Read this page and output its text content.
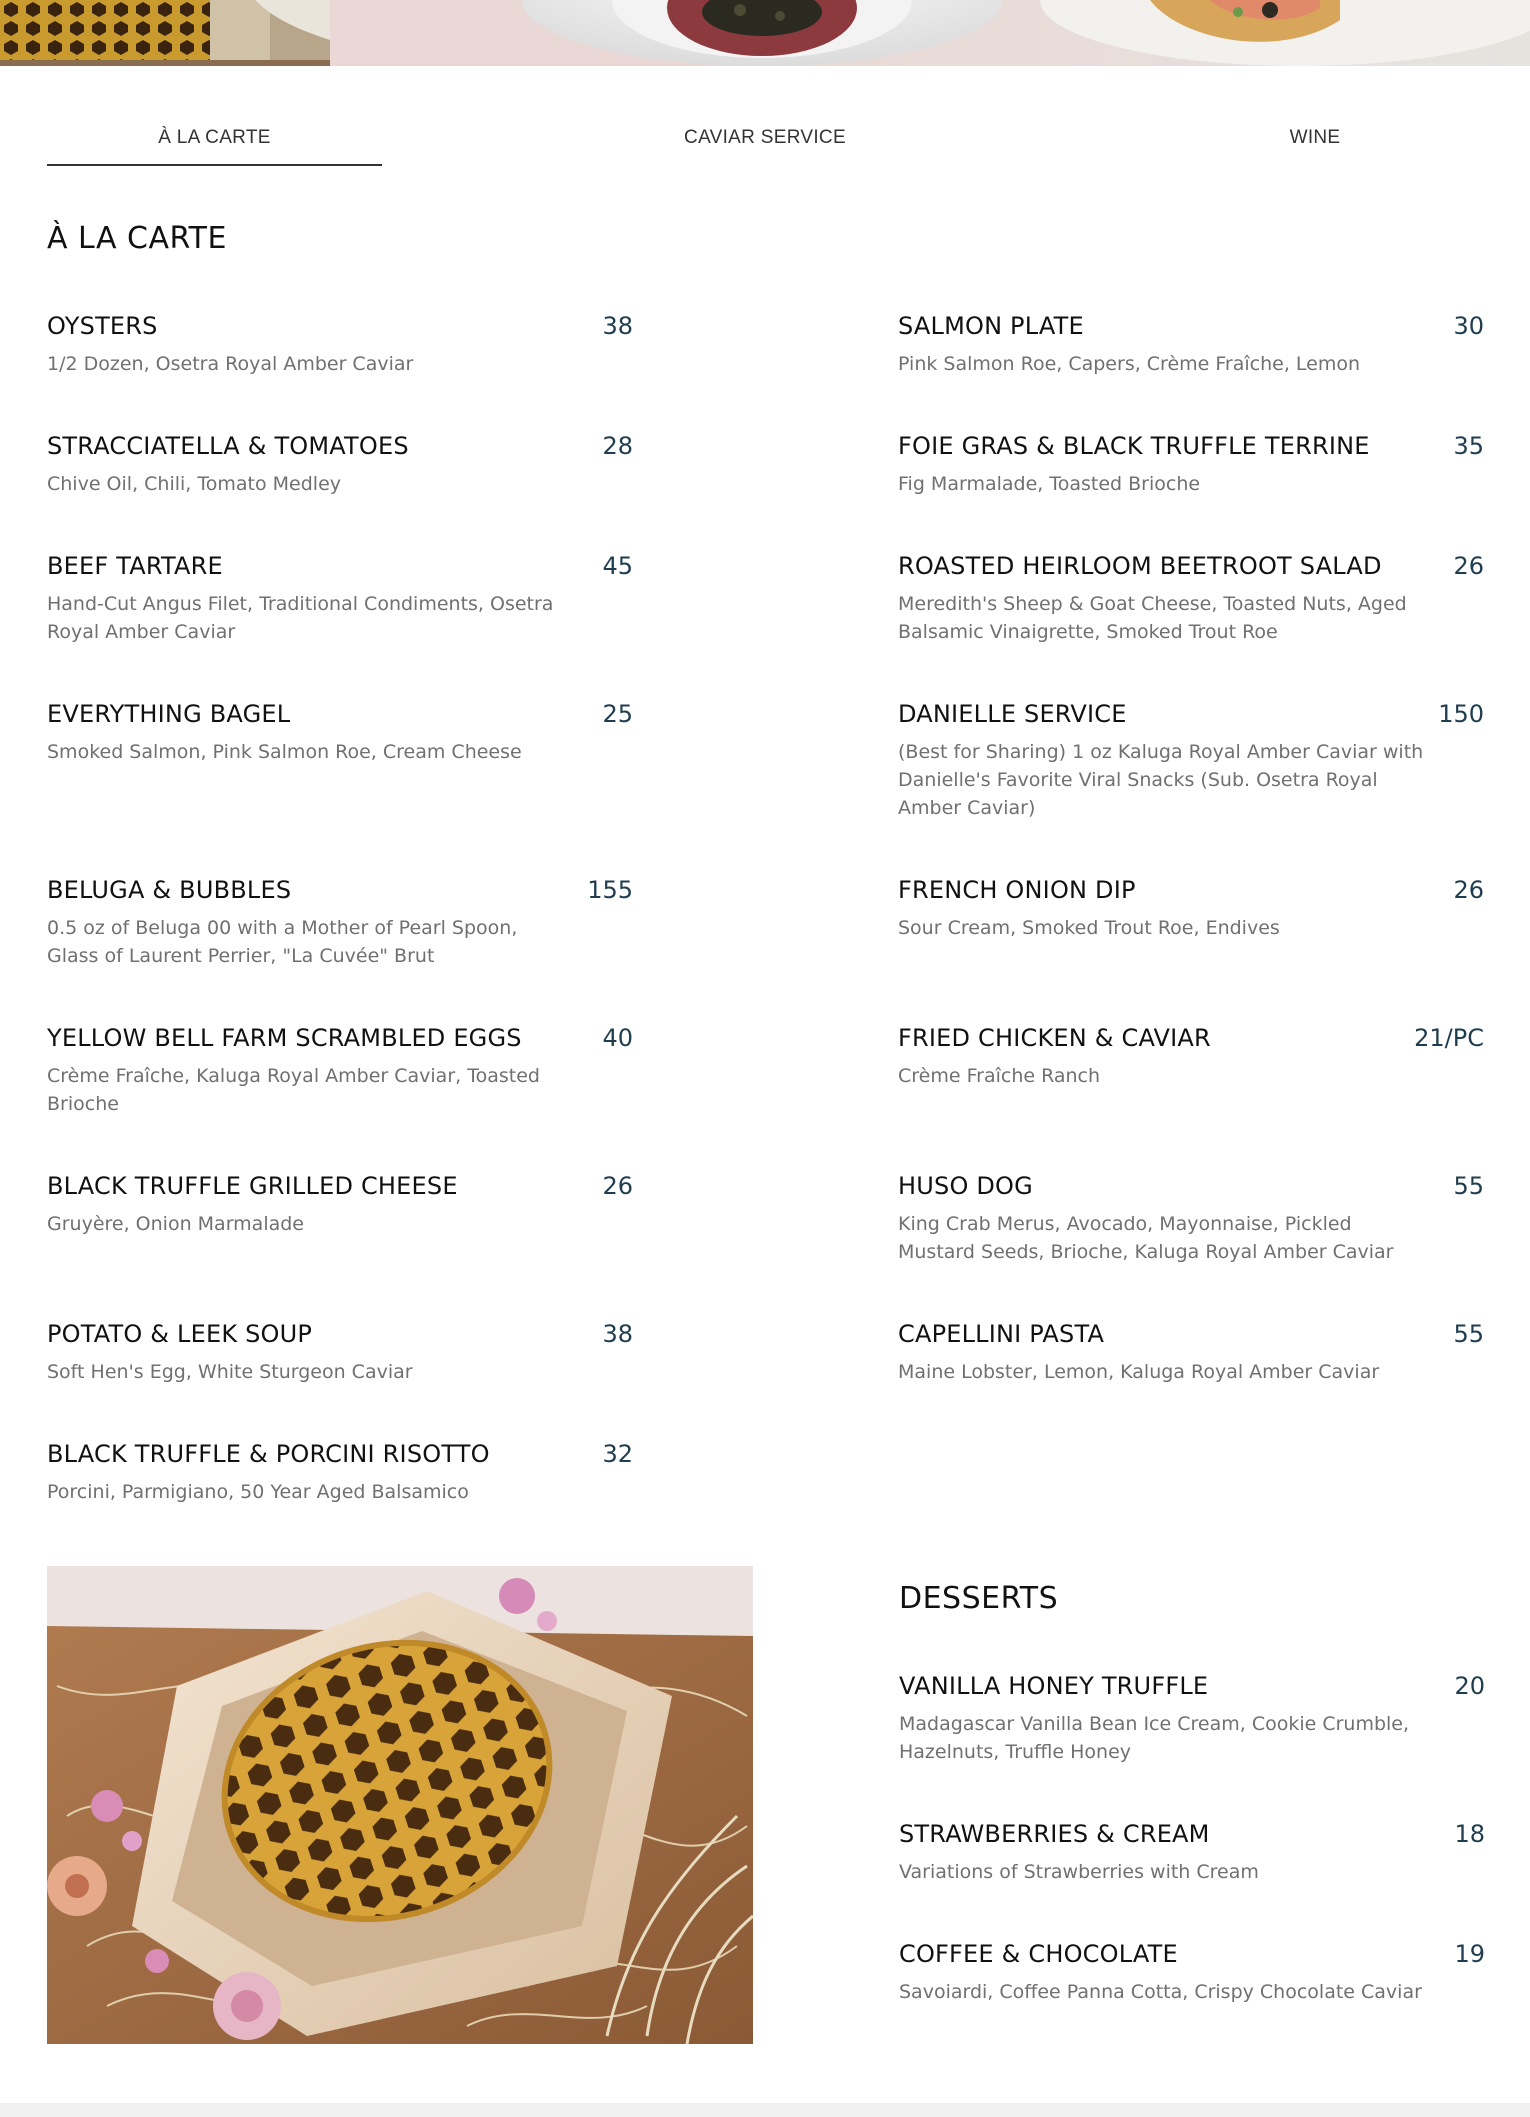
À LA CARTE	CAVIAR SERVICE	WINE
À LA CARTE
OYSTERS	38
1/2 Dozen, Osetra Royal Amber Caviar
STRACCIATELLA & TOMATOES	28
Chive Oil, Chili, Tomato Medley
BEEF TARTARE	45
Hand-Cut Angus Filet, Traditional Condiments, Osetra Royal Amber Caviar
EVERYTHING BAGEL	25
Smoked Salmon, Pink Salmon Roe, Cream Cheese
BELUGA & BUBBLES	155
0.5 oz of Beluga 00 with a Mother of Pearl Spoon, Glass of Laurent Perrier, "La Cuvée" Brut
YELLOW BELL FARM SCRAMBLED EGGS	40
Crème Fraîche, Kaluga Royal Amber Caviar, Toasted Brioche
BLACK TRUFFLE GRILLED CHEESE	26
Gruyère, Onion Marmalade
POTATO & LEEK SOUP	38
Soft Hen's Egg, White Sturgeon Caviar
BLACK TRUFFLE & PORCINI RISOTTO	32
Porcini, Parmigiano, 50 Year Aged Balsamico
SALMON PLATE	30
Pink Salmon Roe, Capers, Crème Fraîche, Lemon
FOIE GRAS & BLACK TRUFFLE TERRINE	35
Fig Marmalade, Toasted Brioche
ROASTED HEIRLOOM BEETROOT SALAD	26
Meredith's Sheep & Goat Cheese, Toasted Nuts, Aged Balsamic Vinaigrette, Smoked Trout Roe
DANIELLE SERVICE	150
(Best for Sharing) 1 oz Kaluga Royal Amber Caviar with Danielle's Favorite Viral Snacks (Sub. Osetra Royal Amber Caviar)
FRENCH ONION DIP	26
Sour Cream, Smoked Trout Roe, Endives
FRIED CHICKEN & CAVIAR	21/PC
Crème Fraîche Ranch
HUSO DOG	55
King Crab Merus, Avocado, Mayonnaise, Pickled Mustard Seeds, Brioche, Kaluga Royal Amber Caviar
CAPELLINI PASTA	55
Maine Lobster, Lemon, Kaluga Royal Amber Caviar
DESSERTS
VANILLA HONEY TRUFFLE	20
Madagascar Vanilla Bean Ice Cream, Cookie Crumble, Hazelnuts, Truffle Honey
STRAWBERRIES & CREAM	18
Variations of Strawberries with Cream
COFFEE & CHOCOLATE	19
Savoiardi, Coffee Panna Cotta, Crispy Chocolate Caviar
